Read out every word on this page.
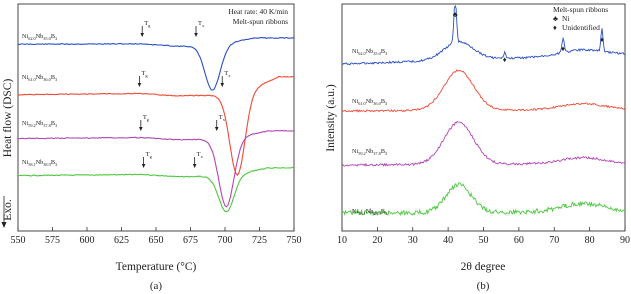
550 575 600 625 650 675 700 725 750
$Ni_{62.0}Nb_{35.0}B_3$
$Ni_{61.0}Nb_{36.0}B_3$
$Ni_{59.2}Nb_{37.8}B_3$
$Ni_{58.1}Nb_{38.9}B_3$
$T_g$	$T_x$
$T_g$	$T_x$
$T_g$	$T_x$
$T_g$	$T_x$
Heat rate: 40 K/min
Melt-spun ribbons
Heat flow (DSC)
Temperature (°C)
(a)
Exo.
10	20	30	40	50	60	70	80	90
$Ni_{62.0}Nb_{35.0}B_3$
$Ni_{61.0}Nb_{36.0}B_3$
$Ni_{59.2}Nb_{37.8}B_3$
$Ni_{58.1}Nb_{38.9}B_3$
♣
♦
♦
♦
Melt-spun ribbons
♣ Ni
♦ Unidentified
Intensity (a.u.)
2θ degree
(b)
